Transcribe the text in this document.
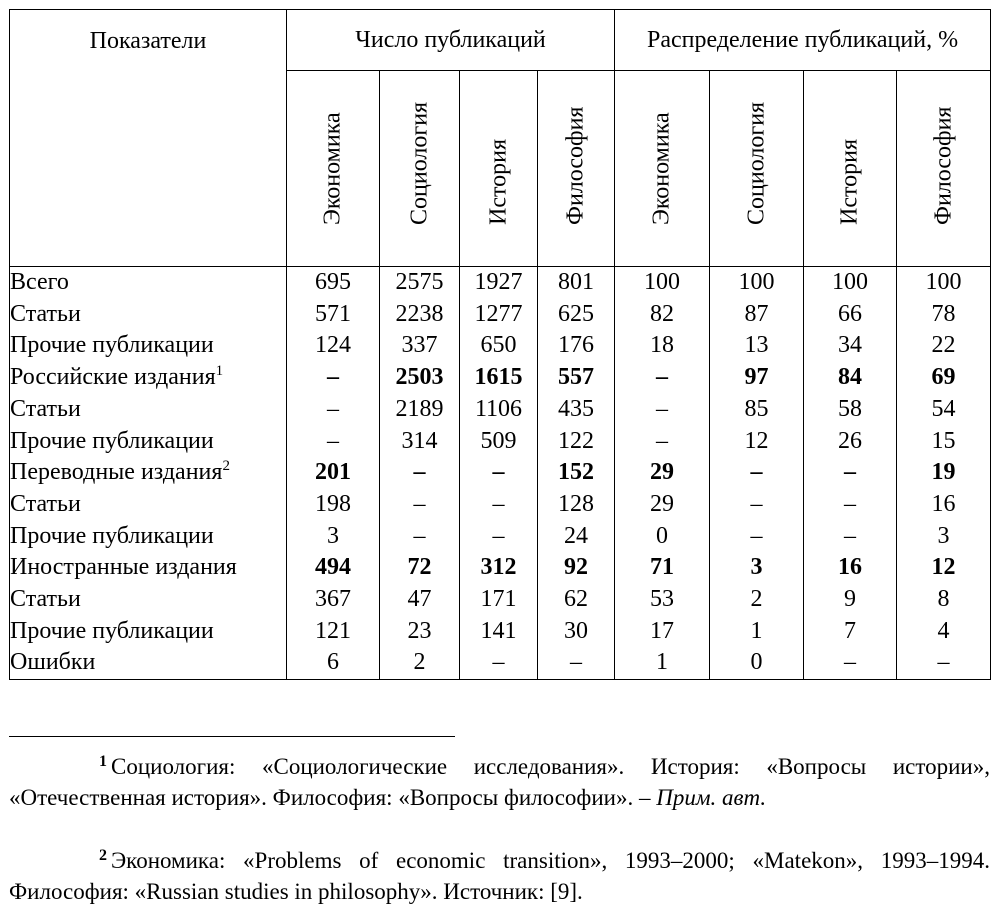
Показатели	Число публикаций				Распределение публикаций, %			

	Экономика	Социология	История	Философия	Экономика	Социология	История	Философия

Всего	695	2575	1927	801	100	100	100	100
Статьи	571	2238	1277	625	82	87	66	78
Прочие публикации	124	337	650	176	18	13	34	22
Российские издания$^1$	–	2503	1615	557	–	97	84	69
Статьи	–	2189	1106	435	–	85	58	54
Прочие публикации	–	314	509	122	–	12	26	15
Переводные издания$^2$	201	–	–	152	29	–	–	19
Статьи	198	–	–	128	29	–	–	16
Прочие публикации	3	–	–	24	0	–	–	3
Иностранные издания	494	72	312	92	71	3	16	12
Статьи	367	47	171	62	53	2	9	8
Прочие публикации	121	23	141	30	17	1	7	4
Ошибки	6	2	–	–	1	0	–	–
$^1$ Социология: «Социологические исследования». История: «Вопросы истории», «Отечественная история». Философия: «Вопросы философии». – Прим. авт.
$^2$ Экономика: «Problems of economic transition», 1993–2000; «Matekon», 1993–1994. Философия: «Russian studies in philosophy». Источник: [9].
